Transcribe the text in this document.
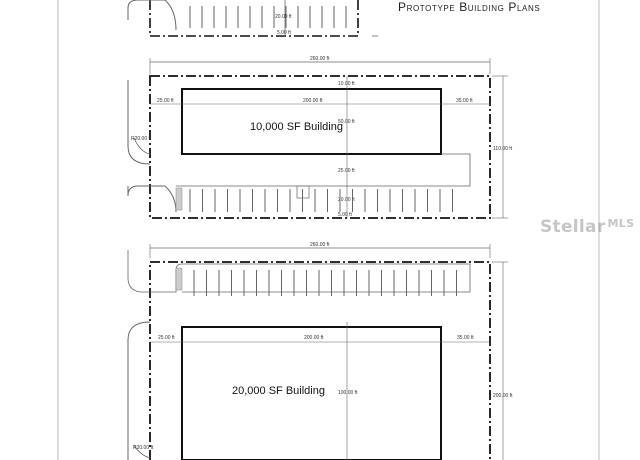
Prototype Building Plans
20.00 ft
5.00 ft
260.00 ft
10,000 SF Building
25.00 ft	200.00 ft	35.00 ft
10.00 ft
50.00 ft
25.00 ft
20.00 ft
5.00 ft
110.00 ft
R20.00 ft
260.00 ft
20,000 SF Building
25.00 ft	200.00 ft	35.00 ft
100.00 ft	200.00 ft
R20.00 ft
Stellar $^{MLS}$
